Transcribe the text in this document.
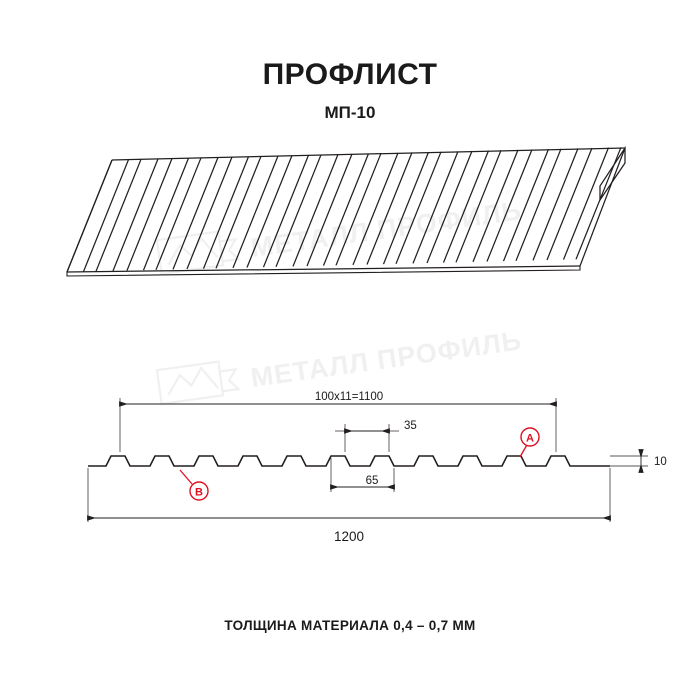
ПРОФЛИСТ
МП-10
МЕТАЛЛ ПРОФИЛЬ
МЕТАЛЛ ПРОФИЛЬ
1200
100х11=1100
35
65
10
A
B
ТОЛЩИНА МАТЕРИАЛА 0,4 – 0,7 ММ
